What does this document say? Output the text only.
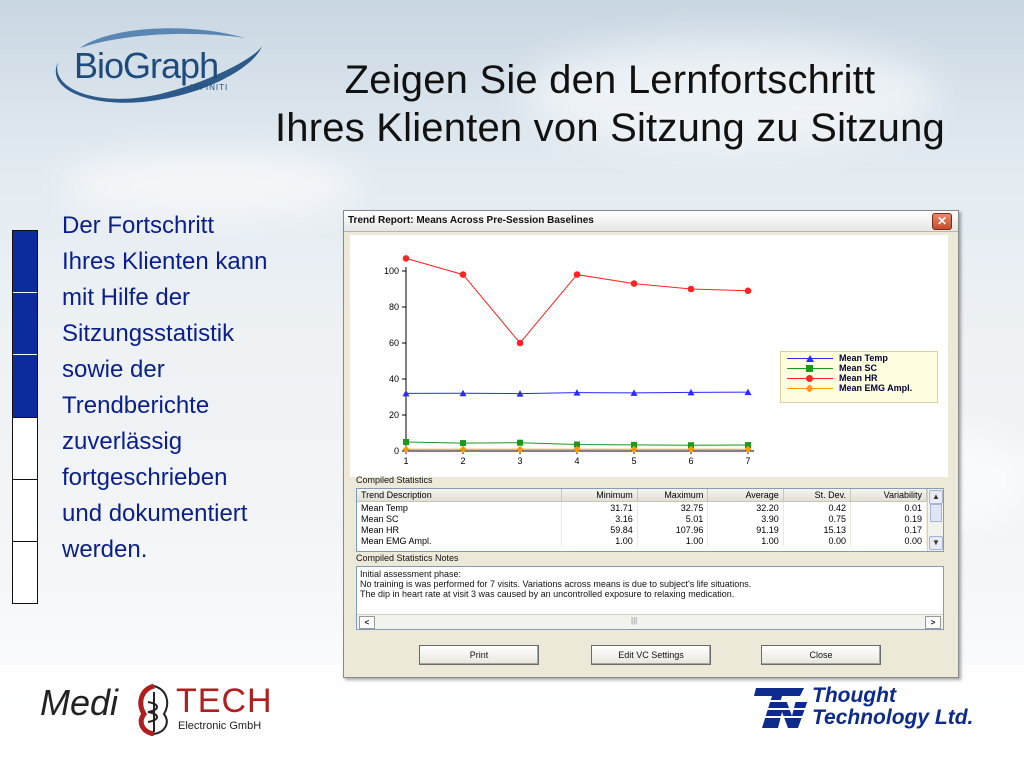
BioGraph
INFINITI	Zeigen Sie den Lernfortschritt
Ihres Klienten von Sitzung zu Sitzung
Der Fortschritt
Ihres Klienten kann
mit Hilfe der
Sitzungsstatistik
sowie der
Trendberichte
zuverlässig
fortgeschrieben
und dokumentiert
werden.
Trend Report: Means Across Pre-Session Baselines	✕
0
20
40
60
80
100
1	2	3	4	5	6	7
Mean Temp
Mean SC
Mean HR
Mean EMG Ampl.
Compiled Statistics
Trend Description	Minimum	Maximum	Average	St. Dev.	Variability
Mean Temp	31.71	32.75	32.20	0.42	0.01
Mean SC	3.16	5.01	3.90	0.75	0.19
Mean HR	59.84	107.96	91.19	15.13	0.17
Mean EMG Ampl.	1.00	1.00	1.00	0.00	0.00
▲
▼
Compiled Statistics Notes
Initial assessment phase:
No training is was performed for 7 visits. Variations across means is due to subject's life situations.
The dip in heart rate at visit 3 was caused by an uncontrolled exposure to relaxing medication.
<	|||	>
Print	Edit VC Settings	Close
Medi TECH
Electronic GmbH
Thought
Technology Ltd.
